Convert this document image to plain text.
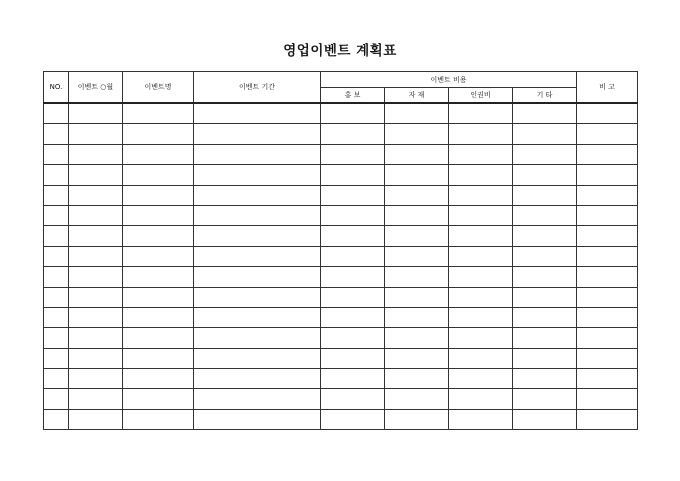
영업이벤트 계획표
NO.	이벤트 ○월	이벤트명	이벤트 기간	이벤트 비용				비 고
				홍 보	자 재	인권비	기 타	
